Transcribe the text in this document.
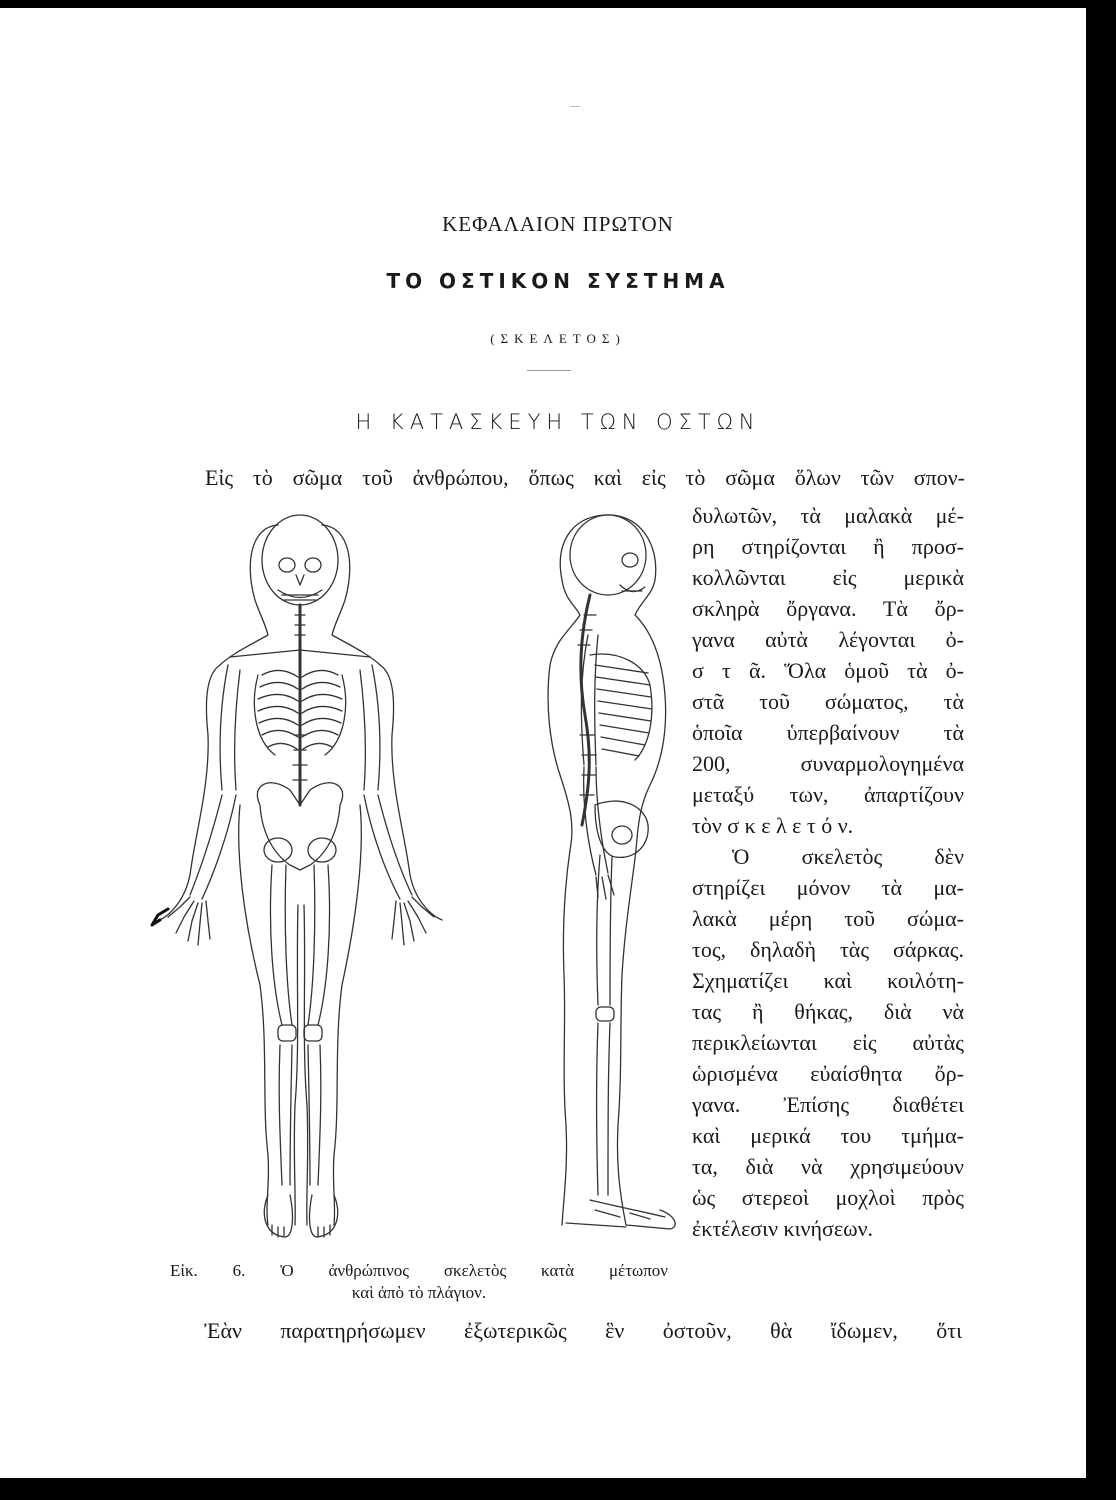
ΚΕΦΑΛΑΙΟΝ ΠΡΩΤΟΝ
ΤΟ ΟΣΤΙΚΟΝ ΣΥΣΤΗΜΑ
(ΣΚΕΛΕΤΟΣ)
Η ΚΑΤΑΣΚΕΥΗ ΤΩΝ ΟΣΤΩΝ
Εἰς τὸ σῶμα τοῦ ἀνθρώπου, ὅπως καὶ εἰς τὸ σῶμα ὅλων τῶν σπον-
δυλωτῶν, τὰ μαλακὰ μέ-
ρη στηρίζονται ἢ προσ-
κολλῶνται εἰς μερικὰ
σκληρὰ ὄργανα. Τὰ ὄρ-
γανα αὐτὰ λέγονται ὀ-
σ τ ᾶ. Ὅλα ὁμοῦ τὰ ὀ-
στᾶ τοῦ σώματος, τὰ
ὁποῖα ὑπερβαίνουν τὰ
200, συναρμολογημένα
μεταξύ των, ἀπαρτίζουν
τὸν σ κ ε λ ε τ ό ν.
Ὁ σκελετὸς δὲν
στηρίζει μόνον τὰ μα-
λακὰ μέρη τοῦ σώμα-
τος, δηλαδὴ τὰς σάρκας.
Σχηματίζει καὶ κοιλότη-
τας ἢ θήκας, διὰ νὰ
περικλείωνται εἰς αὐτὰς
ὡρισμένα εὐαίσθητα ὄρ-
γανα. Ἐπίσης διαθέτει
καὶ μερικά του τμήμα-
τα, διὰ νὰ χρησιμεύουν
ὡς στερεοὶ μοχλοὶ πρὸς
ἐκτέλεσιν κινήσεων.
Εἰκ. 6. Ὁ ἀνθρώπινος σκελετὸς κατὰ μέτωπον
καὶ ἀπὸ τὸ πλάγιον.
Ἐὰν παρατηρήσωμεν ἐξωτερικῶς ἓν ὀστοῦν, θὰ ἴδωμεν, ὅτι
